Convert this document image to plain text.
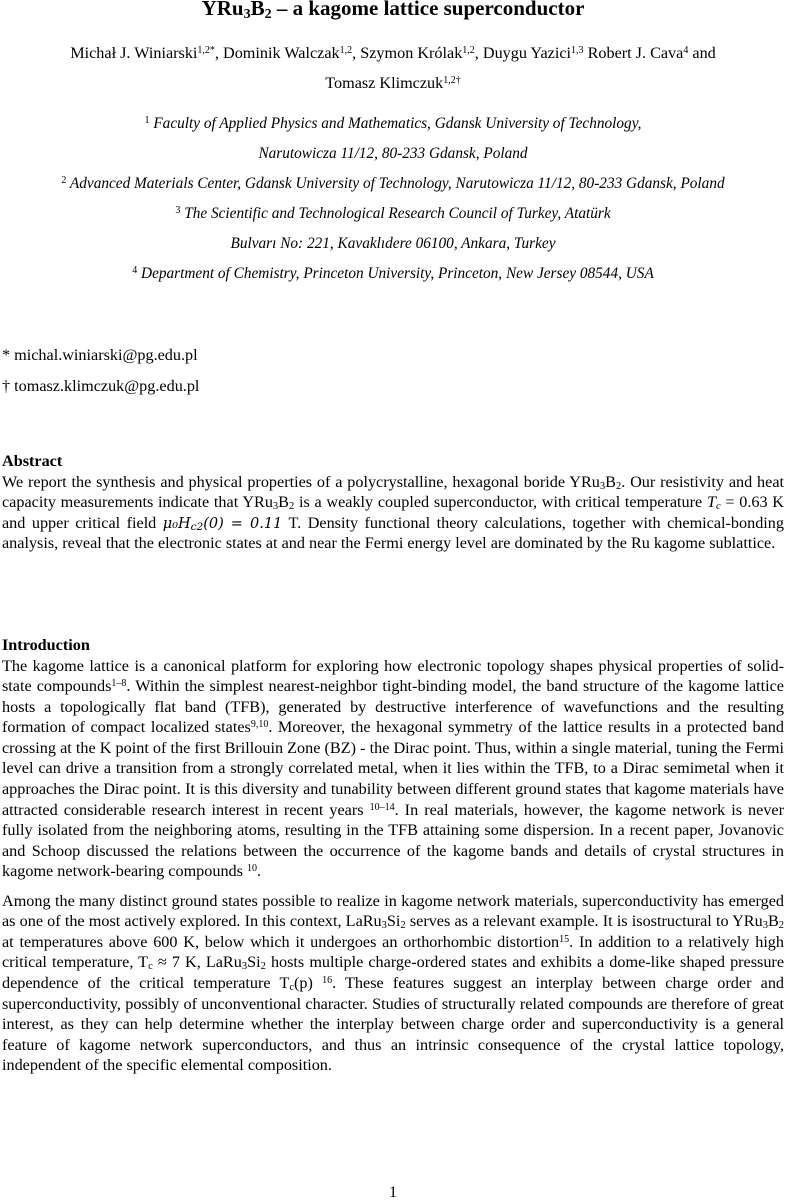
$YRu_3B_2$ – a kagome lattice superconductor
Michał J. Winiarski$^{1,2*}$, Dominik Walczak$^{1,2}$, Szymon Królak$^{1,2}$, Duygu Yazici$^{1,3}$ Robert J. Cava$^4$ and
Tomasz Klimczuk$^{1,2\dagger}$
$^1$ Faculty of Applied Physics and Mathematics, Gdansk University of Technology,
Narutowicza 11/12, 80-233 Gdansk, Poland
$^2$ Advanced Materials Center, Gdansk University of Technology, Narutowicza 11/12, 80-233 Gdansk, Poland
$^3$ The Scientific and Technological Research Council of Turkey, Atatürk
Bulvarı No: 221, Kavaklıdere 06100, Ankara, Turkey
$^4$ Department of Chemistry, Princeton University, Princeton, New Jersey 08544, USA
* michal.winiarski@pg.edu.pl
† tomasz.klimczuk@pg.edu.pl
Abstract

We report the synthesis and physical properties of a polycrystalline, hexagonal boride $YRu_3B_2$. Our resistivity and heat capacity measurements indicate that $YRu_3B_2$ is a weakly coupled superconductor, with critical temperature $T_c = 0.63$ K and upper critical field $\mu_0H_{c2}(0) = 0.11$ T. Density functional theory calculations, together with chemical-bonding analysis, reveal that the electronic states at and near the Fermi energy level are dominated by the Ru kagome sublattice.

Introduction

The kagome lattice is a canonical platform for exploring how electronic topology shapes physical properties of solid-state compounds$^{1-8}$. Within the simplest nearest-neighbor tight-binding model, the band structure of the kagome lattice hosts a topologically flat band (TFB), generated by destructive interference of wavefunctions and the resulting formation of compact localized states$^{9,10}$. Moreover, the hexagonal symmetry of the lattice results in a protected band crossing at the K point of the first Brillouin Zone (BZ) - the Dirac point. Thus, within a single material, tuning the Fermi level can drive a transition from a strongly correlated metal, when it lies within the TFB, to a Dirac semimetal when it approaches the Dirac point. It is this diversity and tunability between different ground states that kagome materials have attracted considerable research interest in recent years $^{10-14}$. In real materials, however, the kagome network is never fully isolated from the neighboring atoms, resulting in the TFB attaining some dispersion. In a recent paper, Jovanovic and Schoop discussed the relations between the occurrence of the kagome bands and details of crystal structures in kagome network-bearing compounds $^{10}$.

Among the many distinct ground states possible to realize in kagome network materials, superconductivity has emerged as one of the most actively explored. In this context, $LaRu_3Si_2$ serves as a relevant example. It is isostructural to $YRu_3B_2$ at temperatures above 600 K, below which it undergoes an orthorhombic distortion$^{15}$. In addition to a relatively high critical temperature, $T_c \approx 7$ K, $LaRu_3Si_2$ hosts multiple charge-ordered states and exhibits a dome-like shaped pressure dependence of the critical temperature $T_c(p)$ $^{16}$. These features suggest an interplay between charge order and superconductivity, possibly of unconventional character. Studies of structurally related compounds are therefore of great interest, as they can help determine whether the interplay between charge order and superconductivity is a general feature of kagome network superconductors, and thus an intrinsic consequence of the crystal lattice topology, independent of the specific elemental composition.

1
